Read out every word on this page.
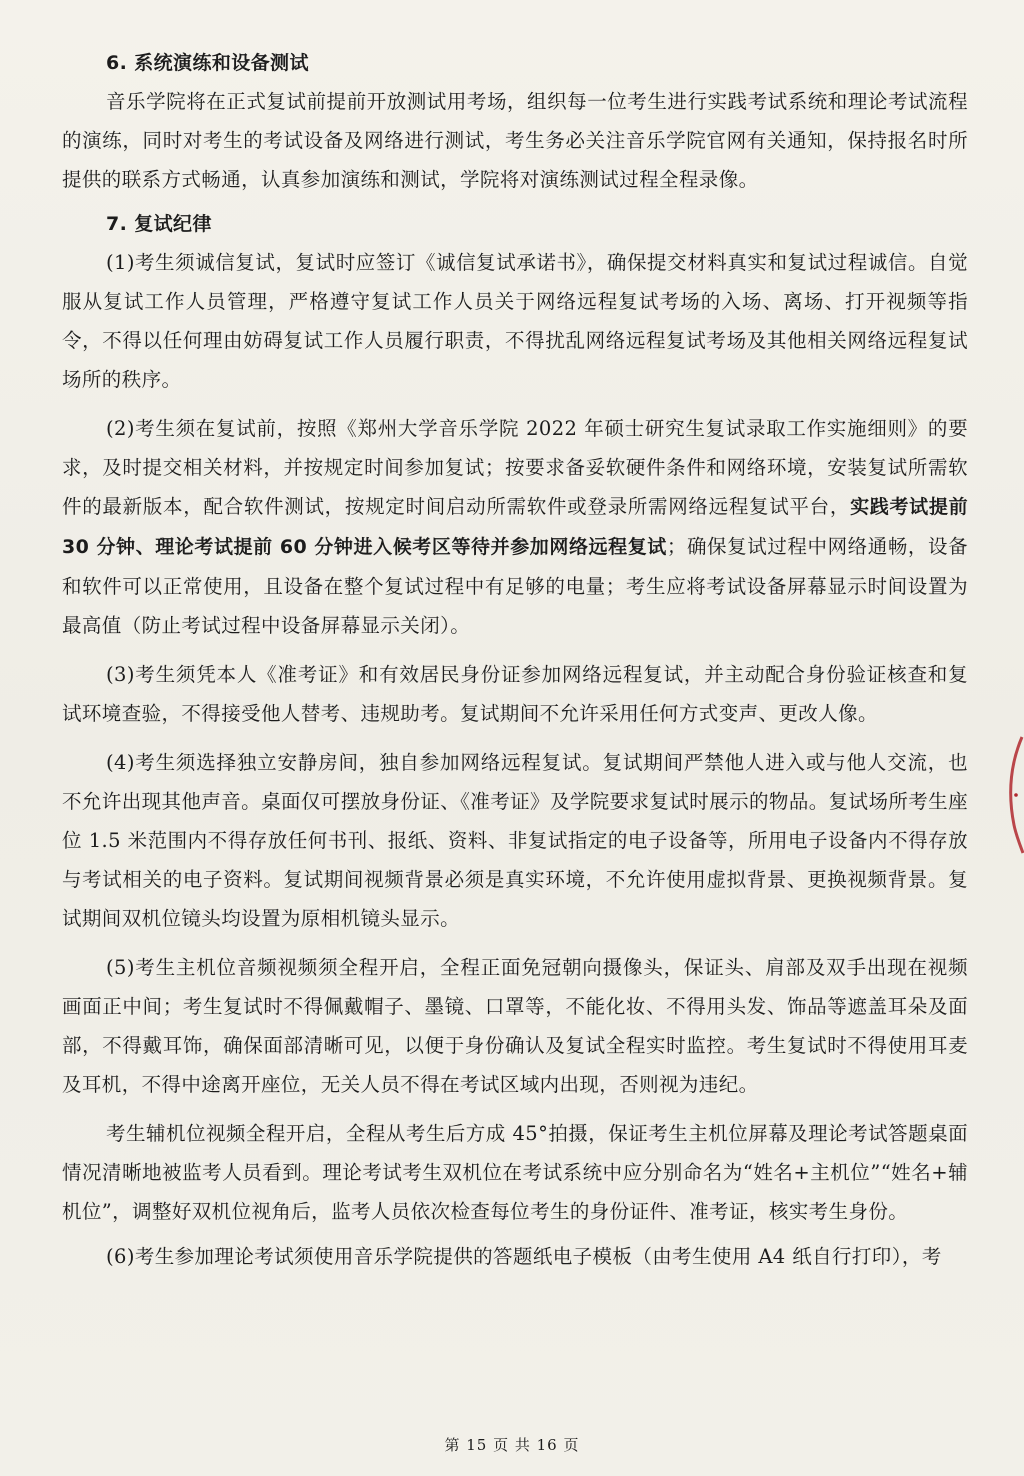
6. 系统演练和设备测试

音乐学院将在正式复试前提前开放测试用考场，组织每一位考生进行实践考试系统和理论考试流程的演练，同时对考生的考试设备及网络进行测试，考生务必关注音乐学院官网有关通知，保持报名时所提供的联系方式畅通，认真参加演练和测试，学院将对演练测试过程全程录像。

7. 复试纪律

(1)考生须诚信复试，复试时应签订《诚信复试承诺书》，确保提交材料真实和复试过程诚信。自觉服从复试工作人员管理，严格遵守复试工作人员关于网络远程复试考场的入场、离场、打开视频等指令，不得以任何理由妨碍复试工作人员履行职责，不得扰乱网络远程复试考场及其他相关网络远程复试场所的秩序。

(2)考生须在复试前，按照《郑州大学音乐学院 2022 年硕士研究生复试录取工作实施细则》的要求，及时提交相关材料，并按规定时间参加复试；按要求备妥软硬件条件和网络环境，安装复试所需软件的最新版本，配合软件测试，按规定时间启动所需软件或登录所需网络远程复试平台，实践考试提前 30 分钟、理论考试提前 60 分钟进入候考区等待并参加网络远程复试；确保复试过程中网络通畅，设备和软件可以正常使用，且设备在整个复试过程中有足够的电量；考生应将考试设备屏幕显示时间设置为最高值（防止考试过程中设备屏幕显示关闭）。

(3)考生须凭本人《准考证》和有效居民身份证参加网络远程复试，并主动配合身份验证核查和复试环境查验，不得接受他人替考、违规助考。复试期间不允许采用任何方式变声、更改人像。

(4)考生须选择独立安静房间，独自参加网络远程复试。复试期间严禁他人进入或与他人交流，也不允许出现其他声音。桌面仅可摆放身份证、《准考证》及学院要求复试时展示的物品。复试场所考生座位 1.5 米范围内不得存放任何书刊、报纸、资料、非复试指定的电子设备等，所用电子设备内不得存放与考试相关的电子资料。复试期间视频背景必须是真实环境，不允许使用虚拟背景、更换视频背景。复试期间双机位镜头均设置为原相机镜头显示。

(5)考生主机位音频视频须全程开启，全程正面免冠朝向摄像头，保证头、肩部及双手出现在视频画面正中间；考生复试时不得佩戴帽子、墨镜、口罩等，不能化妆、不得用头发、饰品等遮盖耳朵及面部，不得戴耳饰，确保面部清晰可见，以便于身份确认及复试全程实时监控。考生复试时不得使用耳麦及耳机，不得中途离开座位，无关人员不得在考试区域内出现，否则视为违纪。

考生辅机位视频全程开启，全程从考生后方成 45°拍摄，保证考生主机位屏幕及理论考试答题桌面情况清晰地被监考人员看到。理论考试考生双机位在考试系统中应分别命名为“姓名+主机位”“姓名+辅机位”，调整好双机位视角后，监考人员依次检查每位考生的身份证件、准考证，核实考生身份。

(6)考生参加理论考试须使用音乐学院提供的答题纸电子模板（由考生使用 A4 纸自行打印），考

第 15 页 共 16 页
